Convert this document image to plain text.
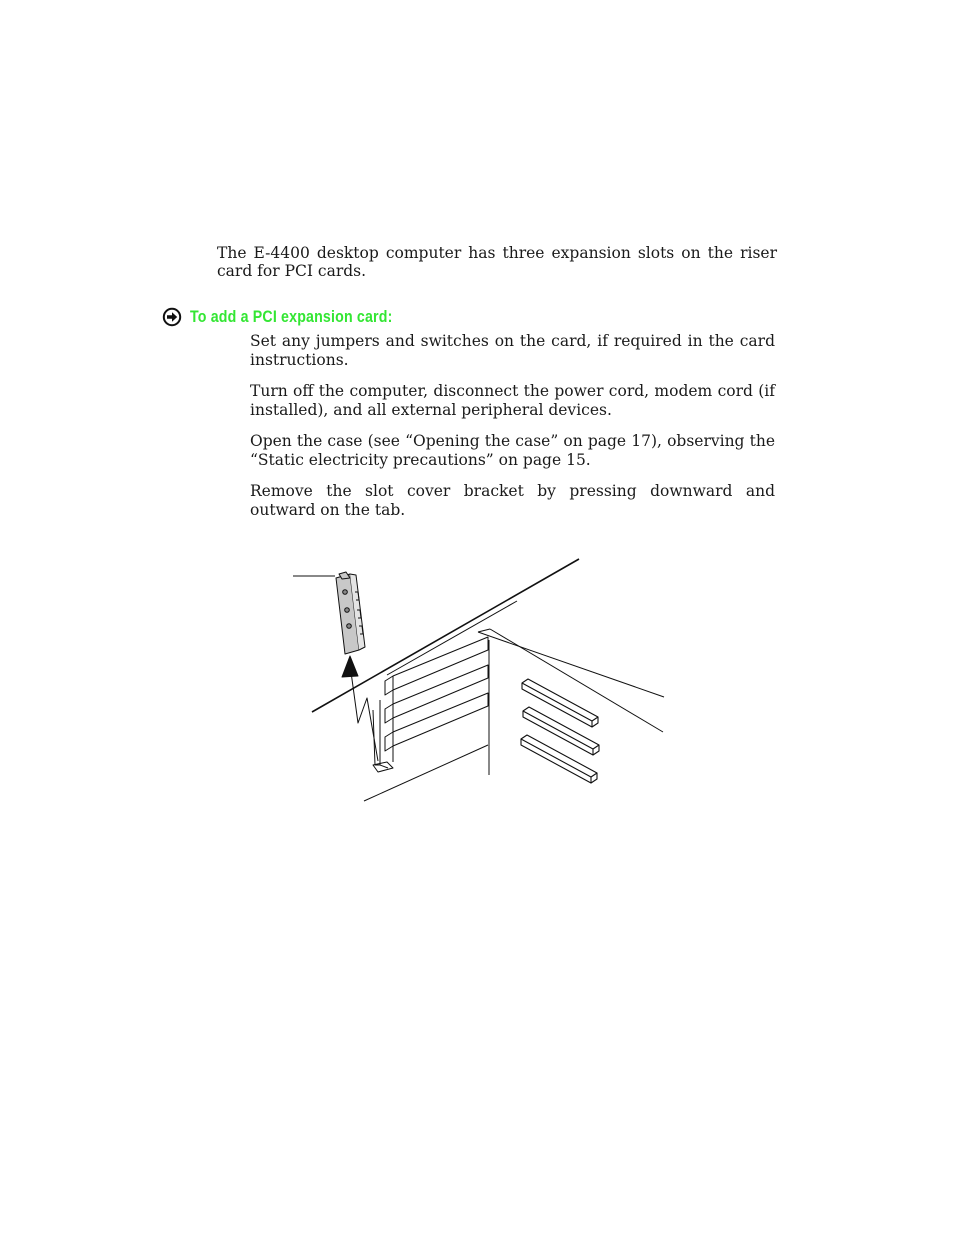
The E-4400 desktop computer has three expansion slots on the riser card for PCI cards.

To add a PCI expansion card:

Set any jumpers and switches on the card, if required in the card instructions.

Turn off the computer, disconnect the power cord, modem cord (if installed), and all external peripheral devices.

Open the case (see “Opening the case” on page 17), observing the “Static electricity precautions” on page 15.

Remove the slot cover bracket by pressing downward and outward on the tab.
